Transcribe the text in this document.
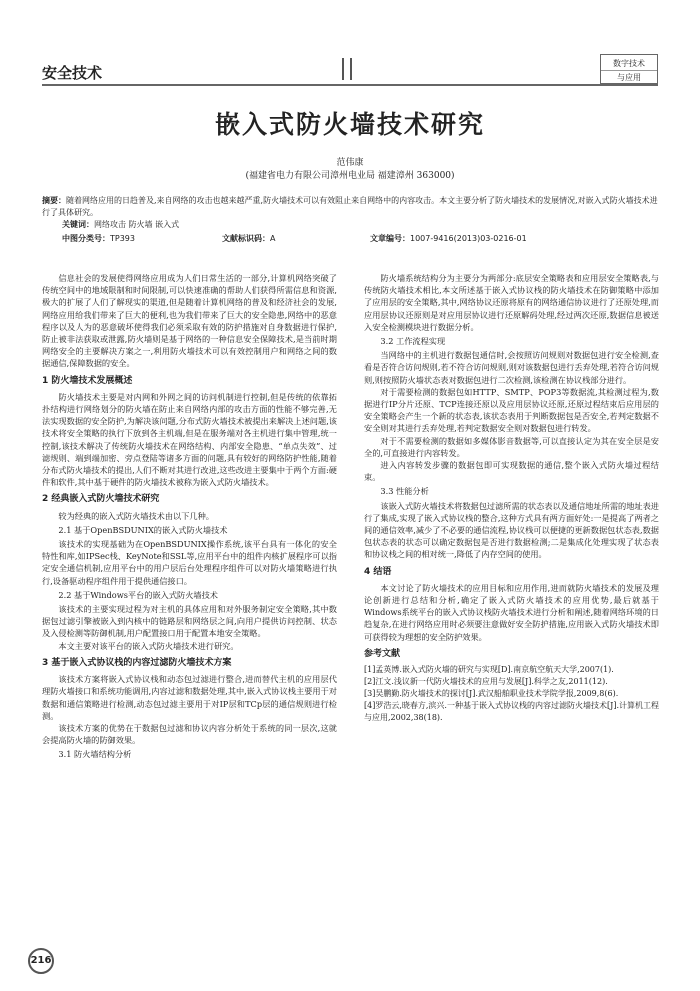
安全技术
数字技术
与应用
嵌入式防火墙技术研究
范伟康
(福建省电力有限公司漳州电业局 福建漳州 363000)
摘要：随着网络应用的日趋普及,来自网络的攻击也越来越严重,防火墙技术可以有效阻止来自网络中的内容攻击。本文主要分析了防火墙技术的发展情况,对嵌入式防火墙技术进行了具体研究。
关键词：网络攻击 防火墙 嵌入式
中图分类号：TP393	文献标识码：A	文章编号：1007-9416(2013)03-0216-01

信息社会的发展使得网络应用成为人们日常生活的一部分,计算机网络突破了传统空间中的地域限制和时间限制,可以快速准确的帮助人们获得所需信息和资源,极大的扩展了人们了解现实的渠道,但是随着计算机网络的普及和经济社会的发展,网络应用给我们带来了巨大的便利,也为我们带来了巨大的安全隐患,网络中的恶意程序以及人为的恶意破坏使得我们必须采取有效的防护措施对自身数据进行保护,防止被非法获取或泄露,防火墙则是基于网络的一种信息安全保障技术,是当前时期网络安全的主要解决方案之一,利用防火墙技术可以有效控制用户和网络之间的数据通信,保障数据的安全。

1 防火墙技术发展概述

防火墙技术主要是对内网和外网之间的访问机制进行控制,但是传统的依靠拓扑结构进行网络划分的防火墙在防止来自网络内部的攻击方面的性能不够完善,无法实现数据的安全防护,为解决该问题,分布式防火墙技术被提出来解决上述问题,该技术将安全策略的执行下放到各主机端,但是在服务端对各主机进行集中管理,统一控制,该技术解决了传统防火墙技术在网络结构、内部安全隐患、“单点失效”、过滤规则、端到端加密、旁点登陆等诸多方面的问题,具有较好的网络防护性能,随着分布式防火墙技术的提出,人们不断对其进行改进,这些改进主要集中于两个方面:硬件和软件,其中基于硬件的防火墙技术被称为嵌入式防火墙技术。

2 经典嵌入式防火墙技术研究

较为经典的嵌入式防火墙技术由以下几种。

2.1 基于OpenBSDUNIX的嵌入式防火墙技术

该技术的实现基础为在OpenBSDUNIX操作系统,该平台具有一体化的安全特性和库,如IPSec栈、KeyNote和SSL等,应用平台中的组件内核扩展程序可以指定安全通信机制,应用平台中的用户层后台处理程序组件可以对防火墙策略进行执行,设备驱动程序组件用于提供通信接口。

2.2 基于Windows平台的嵌入式防火墙技术

该技术的主要实现过程为对主机的具体应用和对外服务制定安全策略,其中数据包过滤引擎被嵌入到内核中的链路层和网络层之间,向用户提供访问控制、状态及入侵检测等防御机制,用户配置接口用于配置本地安全策略。

本文主要对该平台的嵌入式防火墙技术进行研究。

3 基于嵌入式协议栈的内容过滤防火墙技术方案

该技术方案将嵌入式协议栈和动态包过滤进行整合,进而替代主机的应用层代理防火墙接口和系统功能调用,内容过滤和数据处理,其中,嵌入式协议栈主要用于对数据和通信策略进行检测,动态包过滤主要用于对IP层和TCp层的通信规则进行检测。

该技术方案的优势在于数据包过滤和协议内容分析处于系统的同一层次,这就会提高防火墙的防御效果。

3.1 防火墙结构分析

防火墙系统结构分为主要分为两部分:底层安全策略表和应用层安全策略表,与传统防火墙技术相比,本文所述基于嵌入式协议栈的防火墙技术在防御策略中添加了应用层的安全策略,其中,网络协议还原将原有的网络通信协议进行了还原处理,而应用层协议还原则是对应用层协议进行还原解码处理,经过两次还原,数据信息被送入安全检测模块进行数据分析。

3.2 工作流程实现

当网络中的主机进行数据包通信时,会按照访问规则对数据包进行安全检测,查看是否符合访问规则,若不符合访问规则,则对该数据包进行丢弃处理,若符合访问规则,则按照防火墙状态表对数据包进行二次检测,该检测在协议栈部分进行。

对于需要检测的数据包如HTTP、SMTP、POP3等数据流,其检测过程为,数据进行IP分片还原、TCP连接还原以及应用层协议还原,还原过程结束后应用层的安全策略会产生一个新的状态表,该状态表用于判断数据包是否安全,若判定数据不安全则对其进行丢弃处理,若判定数据安全则对数据包进行转发。

对于不需要检测的数据如多媒体影音数据等,可以直接认定为其在安全层是安全的,可直接进行内容转发。

进入内容转发步骤的数据包即可实现数据的通信,整个嵌入式防火墙过程结束。

3.3 性能分析

该嵌入式防火墙技术将数据包过滤所需的状态表以及通信地址所需的地址表进行了集成,实现了嵌入式协议栈的整合,这种方式具有两方面好处:一是提高了两者之间的通信效率,减少了不必要的通信流程,协议栈可以便捷的更新数据包状态表,数据包状态表的状态可以确定数据包是否进行数据检测;二是集成化处理实现了状态表和协议栈之间的相对统一,降低了内存空间的使用。

4 结语

本文讨论了防火墙技术的应用目标和应用作用,进而就防火墙技术的发展及理论创新进行总结和分析,确定了嵌入式防火墙技术的应用优势,最后就基于Windows系统平台的嵌入式协议栈防火墙技术进行分析和阐述,随着网络环境的日趋复杂,在进行网络应用时必须要注意做好安全防护措施,应用嵌入式防火墙技术即可获得较为理想的安全防护效果。

参考文献

[1]孟英博.嵌入式防火墙的研究与实现[D].南京航空航天大学,2007(1).

[2]江文.浅议新一代防火墙技术的应用与发展[J].科学之友,2011(12).

[3]吴鹏勤.防火墙技术的探讨[J].武汉船舶职业技术学院学报,2009,8(6).

[4]罗浩云,晓春方,滨兴.一种基于嵌入式协议栈的内容过滤防火墙技术[J].计算机工程与应用,2002,38(18).

216
